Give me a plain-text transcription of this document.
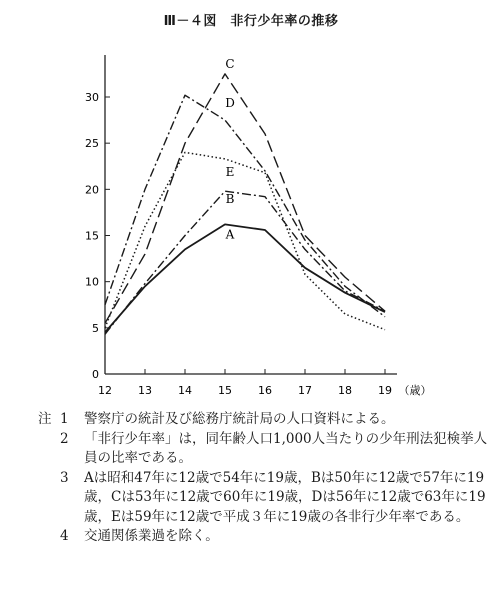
Ⅲ－４図　非行少年率の推移
0
5
10
15
20
25
30
12 13 14 15 16 17 18 19 （歳）
A
B
C
D
E
注 1	警察庁の統計及び総務庁統計局の人口資料による。
2	「非行少年率」は，同年齢人口1,000人当たりの少年刑法犯検挙人員の比率である。
3	Aは昭和47年に12歳で54年に19歳，Bは50年に12歳で57年に19歳，Cは53年に12歳で60年に19歳，Dは56年に12歳で63年に19歳，Eは59年に12歳で平成３年に19歳の各非行少年率である。
4	交通関係業過を除く。
